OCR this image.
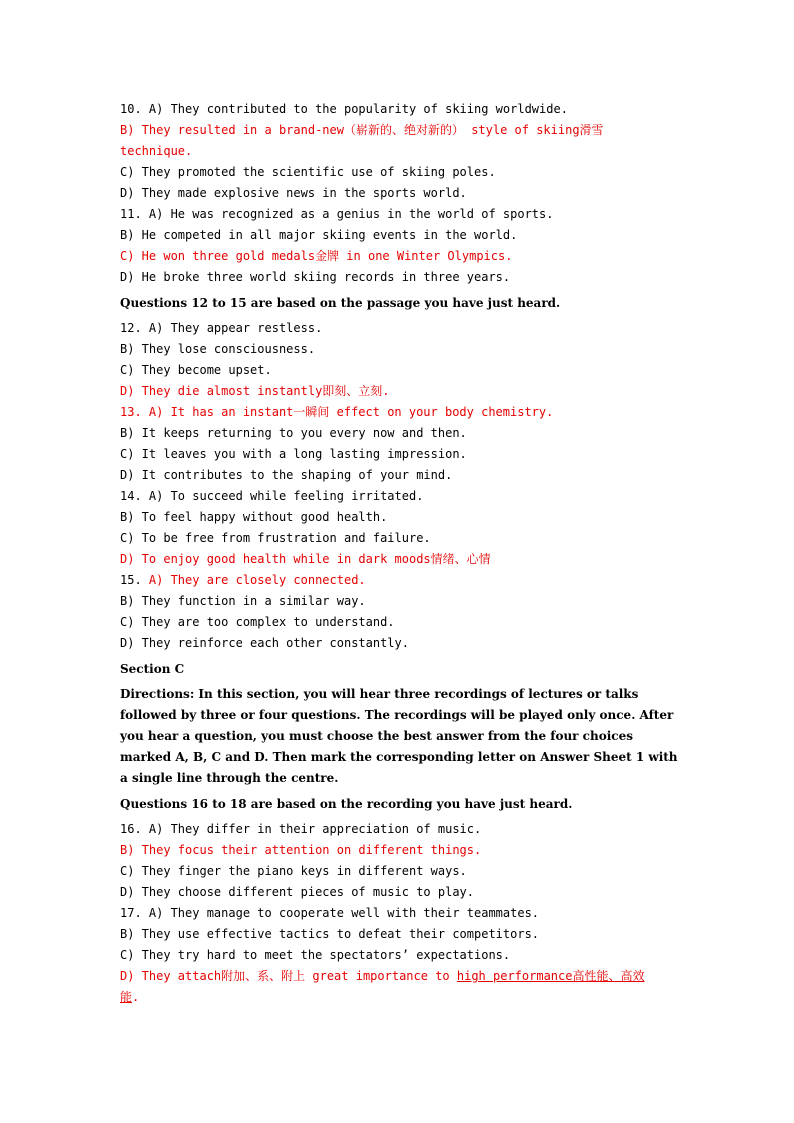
10. A) They contributed to the popularity of skiing worldwide.
B) They resulted in a brand-new（崭新的、绝对新的） style of skiing滑雪
technique.
C) They promoted the scientific use of skiing poles.
D) They made explosive news in the sports world.
11. A) He was recognized as a genius in the world of sports.
B) He competed in all major skiing events in the world.
C) He won three gold medals金牌 in one Winter Olympics.
D) He broke three world skiing records in three years.
Questions 12 to 15 are based on the passage you have just heard.
12. A) They appear restless.
B) They lose consciousness.
C) They become upset.
D) They die almost instantly即刻、立刻.
13. A) It has an instant一瞬间 effect on your body chemistry.
B) It keeps returning to you every now and then.
C) It leaves you with a long lasting impression.
D) It contributes to the shaping of your mind.
14. A) To succeed while feeling irritated.
B) To feel happy without good health.
C) To be free from frustration and failure.
D) To enjoy good health while in dark moods情绪、心情
15. A) They are closely connected.
B) They function in a similar way.
C) They are too complex to understand.
D) They reinforce each other constantly.
Section C
Directions: In this section, you will hear three recordings of lectures or talks followed by three or four questions. The recordings will be played only once. After you hear a question, you must choose the best answer from the four choices marked A, B, C and D. Then mark the corresponding letter on Answer Sheet 1 with a single line through the centre.
Questions 16 to 18 are based on the recording you have just heard.
16. A) They differ in their appreciation of music.
B) They focus their attention on different things.
C) They finger the piano keys in different ways.
D) They choose different pieces of music to play.
17. A) They manage to cooperate well with their teammates.
B) They use effective tactics to defeat their competitors.
C) They try hard to meet the spectators’ expectations.
D) They attach附加、系、附上 great importance to high performance高性能、高效
能.
